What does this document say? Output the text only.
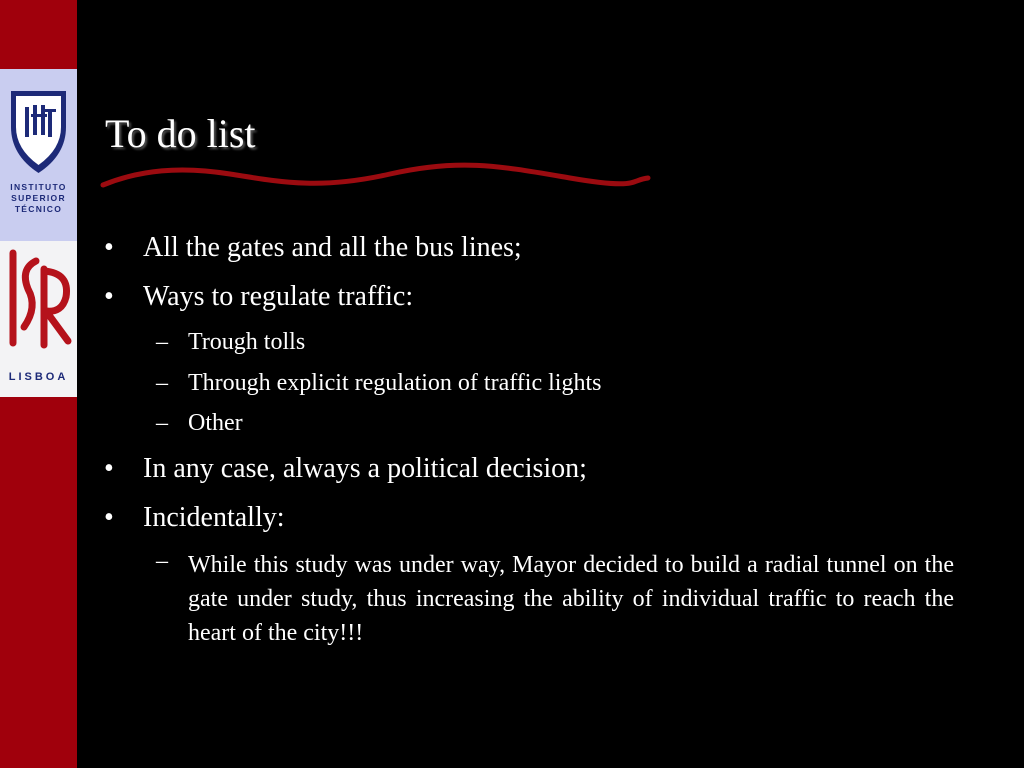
INSTITUTO
SUPERIOR
TÉCNICO
LISBOA
To do list
• All the gates and all the bus lines;
• Ways to regulate traffic:
– Trough tolls
– Through explicit regulation of traffic lights
– Other
• In any case, always a political decision;
• Incidentally:
– While this study was under way, Mayor decided to build a radial tunnel on the gate under study, thus increasing the ability of individual traffic to reach the heart of the city!!!
